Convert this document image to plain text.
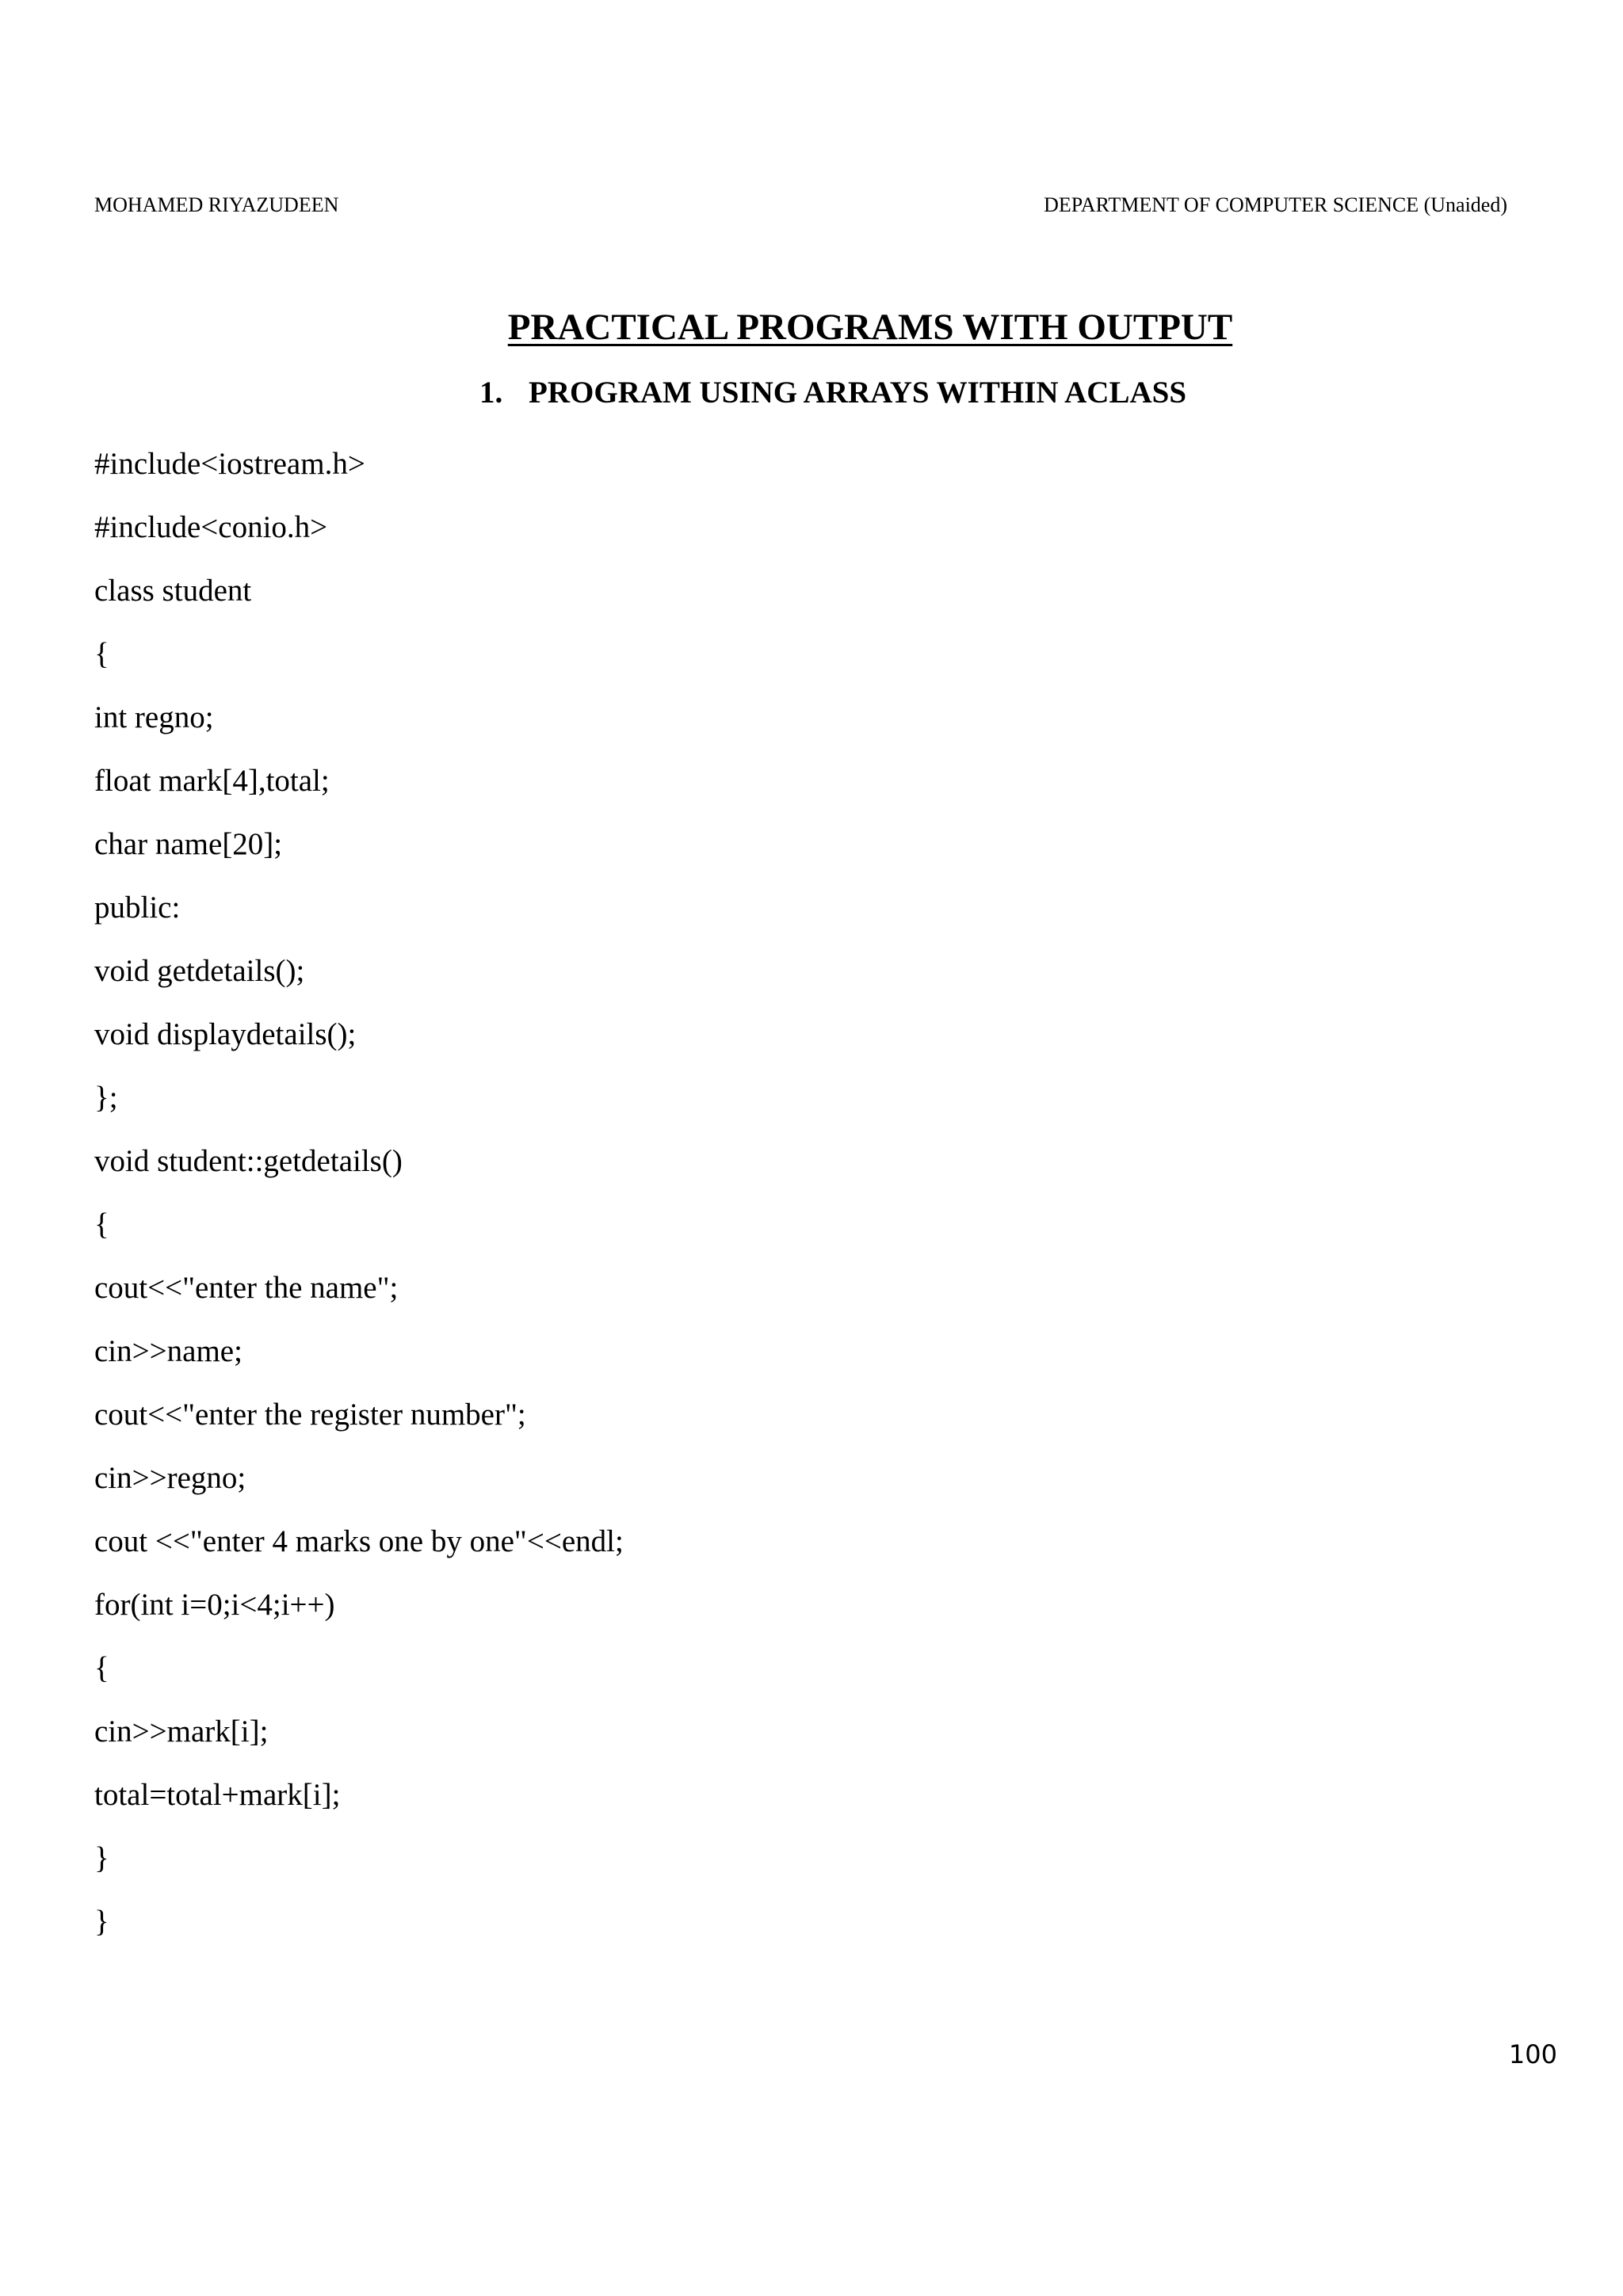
MOHAMED RIYAZUDEEN	DEPARTMENT OF COMPUTER SCIENCE (Unaided)
PRACTICAL PROGRAMS WITH OUTPUT
1. PROGRAM USING ARRAYS WITHIN ACLASS
#include<iostream.h>
#include<conio.h>
class student
{
int regno;
float mark[4],total;
char name[20];
public:
void getdetails();
void displaydetails();
};
void student::getdetails()
{
cout<<"enter the name";
cin>>name;
cout<<"enter the register number";
cin>>regno;
cout <<"enter 4 marks one by one"<<endl;
for(int i=0;i<4;i++)
{
cin>>mark[i];
total=total+mark[i];
}
}
100
